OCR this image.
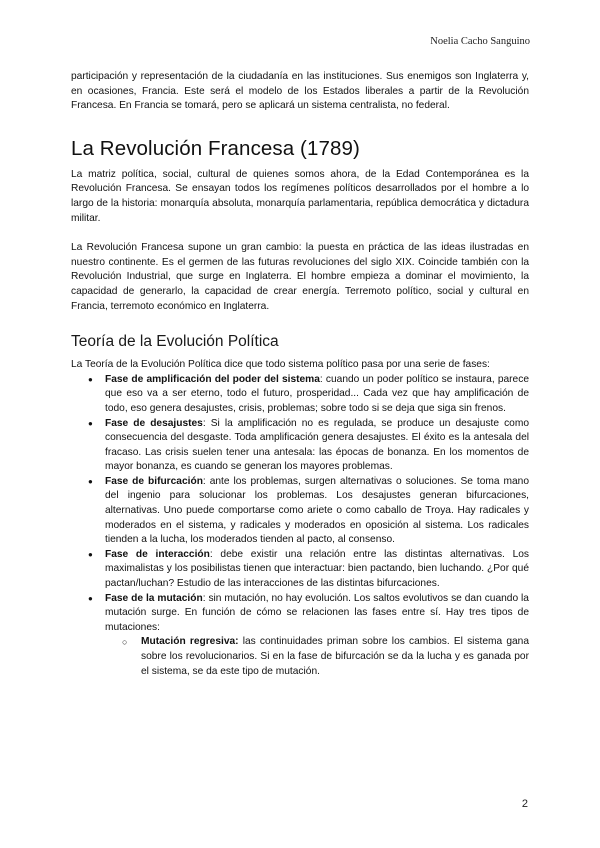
Noelia Cacho Sanguino

participación y representación de la ciudadanía en las instituciones. Sus enemigos son Inglaterra y, en ocasiones, Francia. Este será el modelo de los Estados liberales a partir de la Revolución Francesa. En Francia se tomará, pero se aplicará un sistema centralista, no federal.

La Revolución Francesa (1789)

La matriz política, social, cultural de quienes somos ahora, de la Edad Contemporánea es la Revolución Francesa. Se ensayan todos los regímenes políticos desarrollados por el hombre a lo largo de la historia: monarquía absoluta, monarquía parlamentaria, república democrática y dictadura militar.

La Revolución Francesa supone un gran cambio: la puesta en práctica de las ideas ilustradas en nuestro continente. Es el germen de las futuras revoluciones del siglo XIX. Coincide también con la Revolución Industrial, que surge en Inglaterra. El hombre empieza a dominar el movimiento, la capacidad de generarlo, la capacidad de crear energía. Terremoto político, social y cultural en Francia, terremoto económico en Inglaterra.

Teoría de la Evolución Política

La Teoría de la Evolución Política dice que todo sistema político pasa por una serie de fases:

● Fase de amplificación del poder del sistema: cuando un poder político se instaura, parece que eso va a ser eterno, todo el futuro, prosperidad... Cada vez que hay amplificación de todo, eso genera desajustes, crisis, problemas; sobre todo si se deja que siga sin frenos.
● Fase de desajustes: Si la amplificación no es regulada, se produce un desajuste como consecuencia del desgaste. Toda amplificación genera desajustes. El éxito es la antesala del fracaso. Las crisis suelen tener una antesala: las épocas de bonanza. En los momentos de mayor bonanza, es cuando se generan los mayores problemas.
● Fase de bifurcación: ante los problemas, surgen alternativas o soluciones. Se toma mano del ingenio para solucionar los problemas. Los desajustes generan bifurcaciones, alternativas. Uno puede comportarse como ariete o como caballo de Troya. Hay radicales y moderados en el sistema, y radicales y moderados en oposición al sistema. Los radicales tienden a la lucha, los moderados tienden al pacto, al consenso.
● Fase de interacción: debe existir una relación entre las distintas alternativas. Los maximalistas y los posibilistas tienen que interactuar: bien pactando, bien luchando. ¿Por qué pactan/luchan? Estudio de las interacciones de las distintas bifurcaciones.
● Fase de la mutación: sin mutación, no hay evolución. Los saltos evolutivos se dan cuando la mutación surge. En función de cómo se relacionen las fases entre sí. Hay tres tipos de mutaciones:
○ Mutación regresiva: las continuidades priman sobre los cambios. El sistema gana sobre los revolucionarios. Si en la fase de bifurcación se da la lucha y es ganada por el sistema, se da este tipo de mutación.
2
